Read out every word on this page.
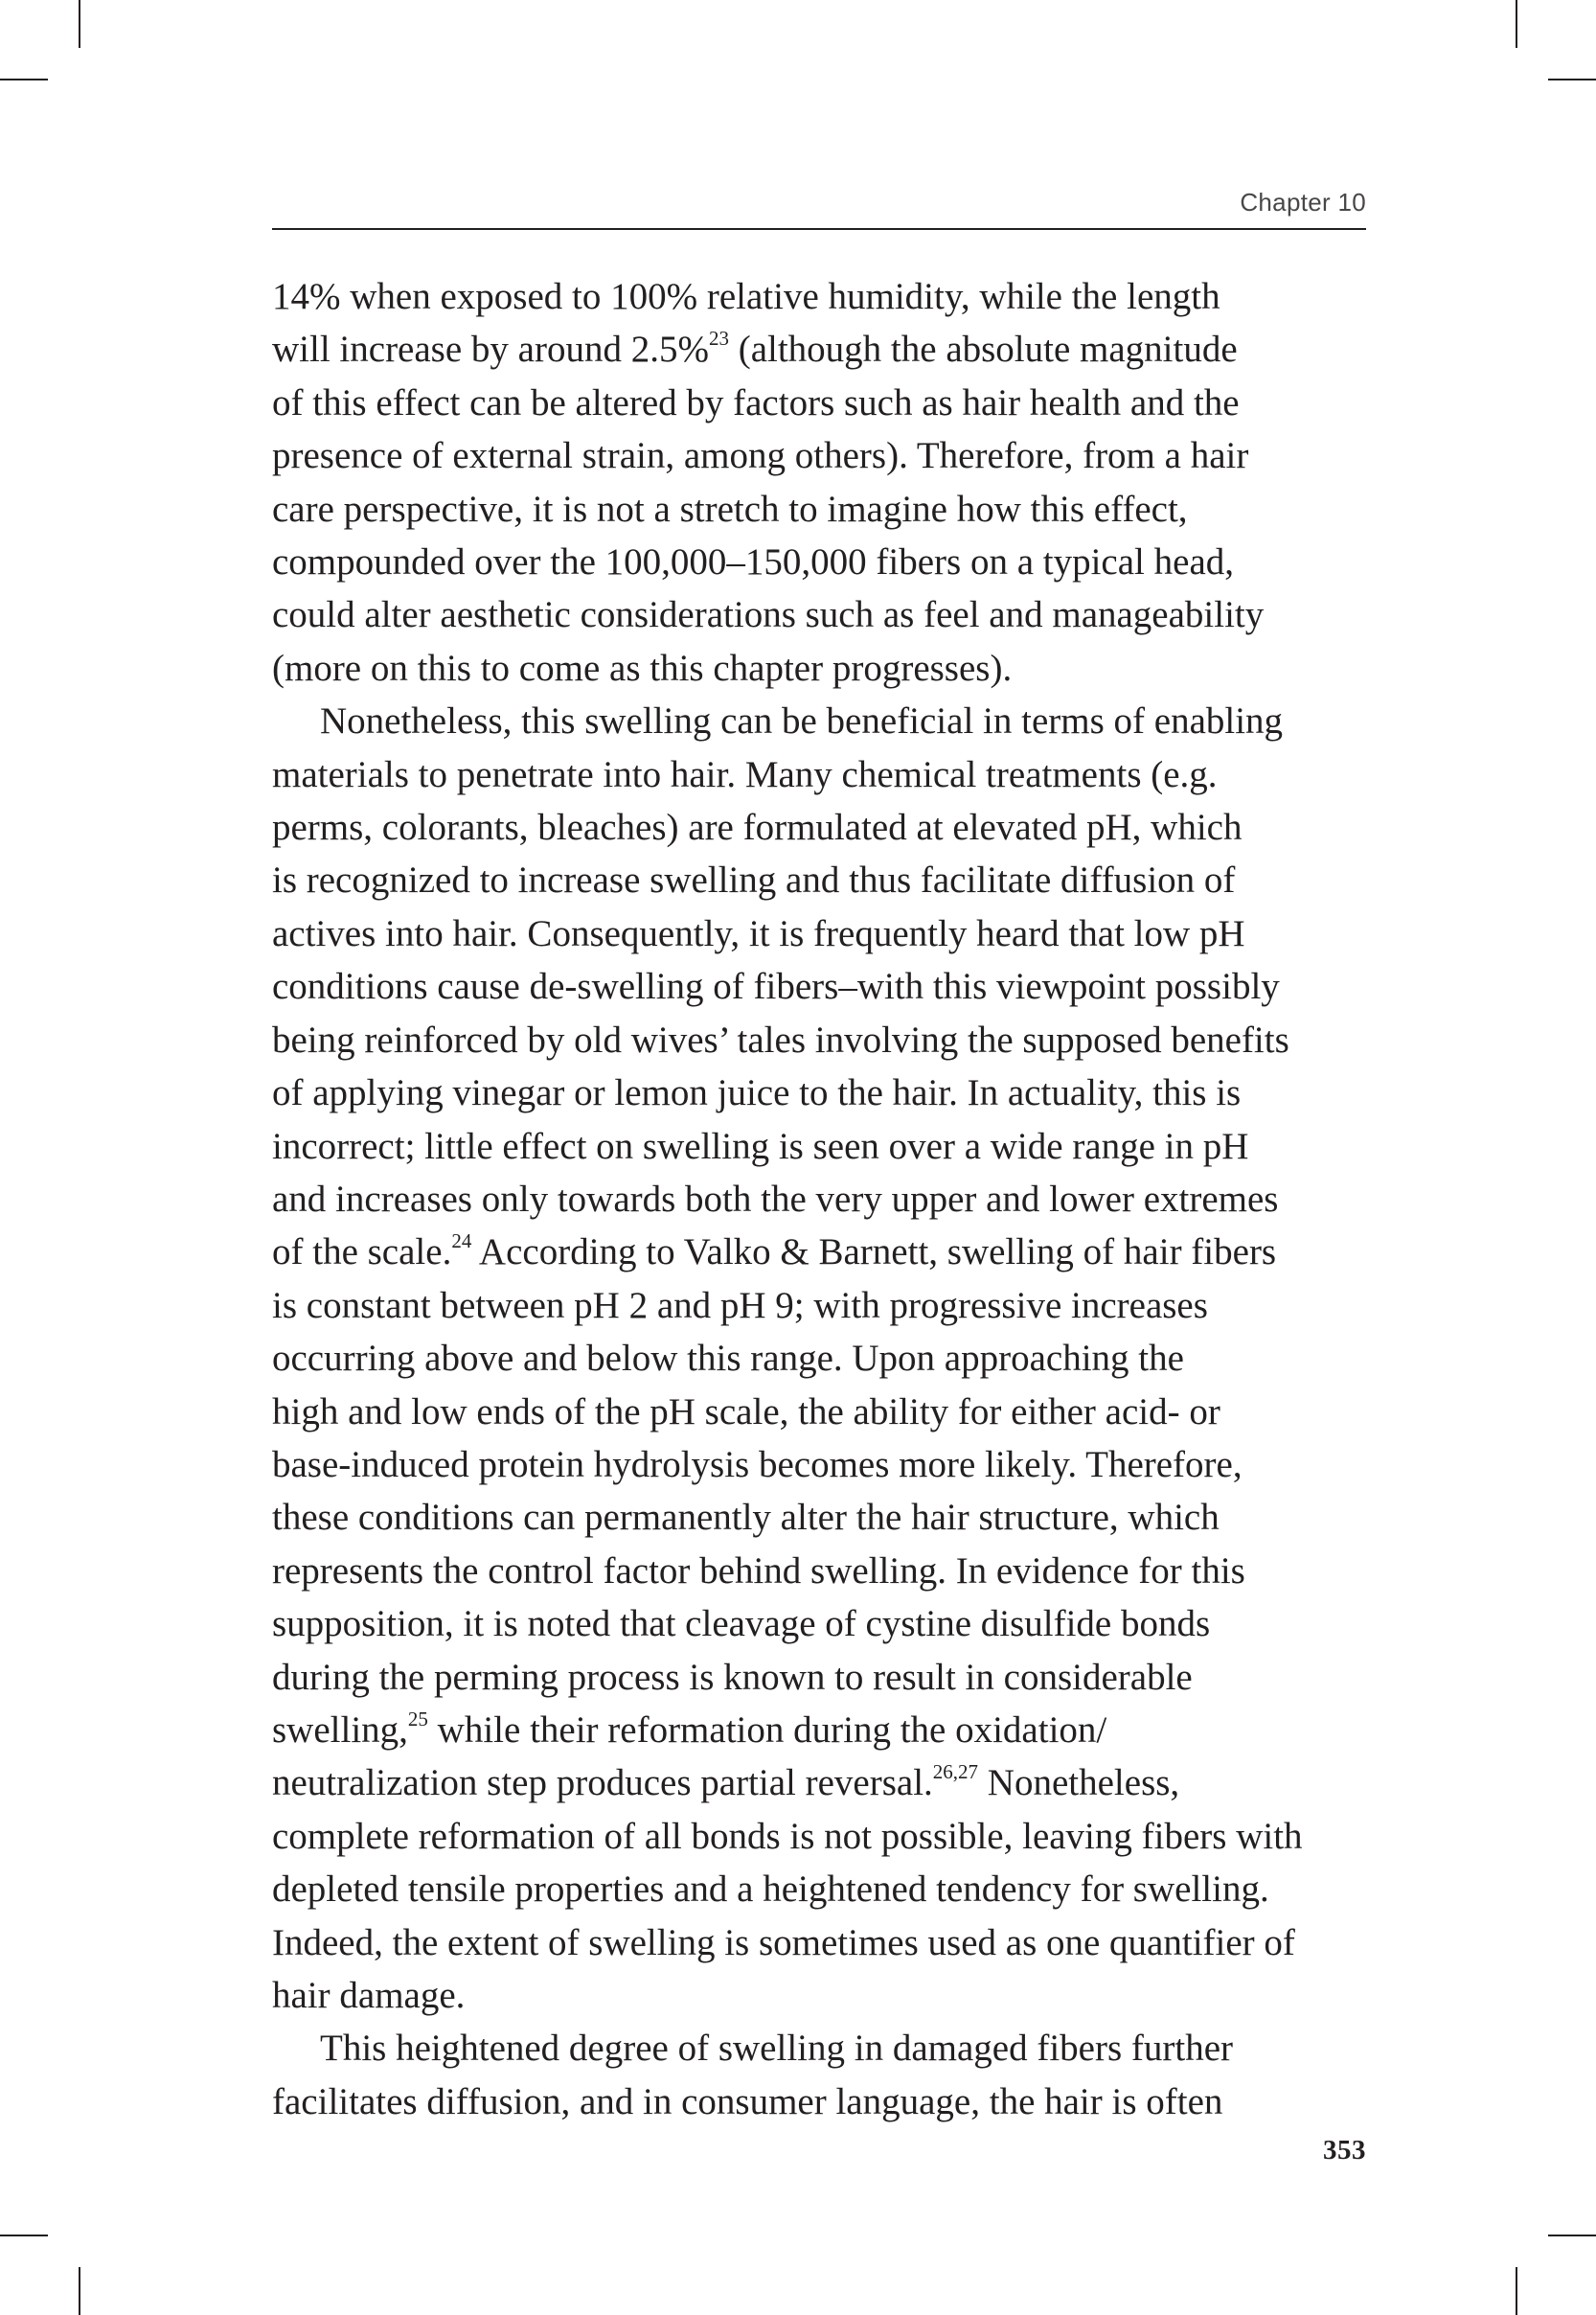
Chapter 10
14% when exposed to 100% relative humidity, while the length
will increase by around 2.5%$^{23}$ (although the absolute magnitude
of this effect can be altered by factors such as hair health and the
presence of external strain, among others). Therefore, from a hair
care perspective, it is not a stretch to imagine how this effect,
compounded over the 100,000–150,000 fibers on a typical head,
could alter aesthetic considerations such as feel and manageability
(more on this to come as this chapter progresses).
Nonetheless, this swelling can be beneficial in terms of enabling
materials to penetrate into hair. Many chemical treatments (e.g.
perms, colorants, bleaches) are formulated at elevated pH, which
is recognized to increase swelling and thus facilitate diffusion of
actives into hair. Consequently, it is frequently heard that low pH
conditions cause de-swelling of fibers–with this viewpoint possibly
being reinforced by old wives’ tales involving the supposed benefits
of applying vinegar or lemon juice to the hair. In actuality, this is
incorrect; little effect on swelling is seen over a wide range in pH
and increases only towards both the very upper and lower extremes
of the scale.$^{24}$ According to Valko & Barnett, swelling of hair fibers
is constant between pH 2 and pH 9; with progressive increases
occurring above and below this range. Upon approaching the
high and low ends of the pH scale, the ability for either acid- or
base-induced protein hydrolysis becomes more likely. Therefore,
these conditions can permanently alter the hair structure, which
represents the control factor behind swelling. In evidence for this
supposition, it is noted that cleavage of cystine disulfide bonds
during the perming process is known to result in considerable
swelling,$^{25}$ while their reformation during the oxidation/
neutralization step produces partial reversal.$^{26,27}$ Nonetheless,
complete reformation of all bonds is not possible, leaving fibers with
depleted tensile properties and a heightened tendency for swelling.
Indeed, the extent of swelling is sometimes used as one quantifier of
hair damage.
This heightened degree of swelling in damaged fibers further
facilitates diffusion, and in consumer language, the hair is often
353
